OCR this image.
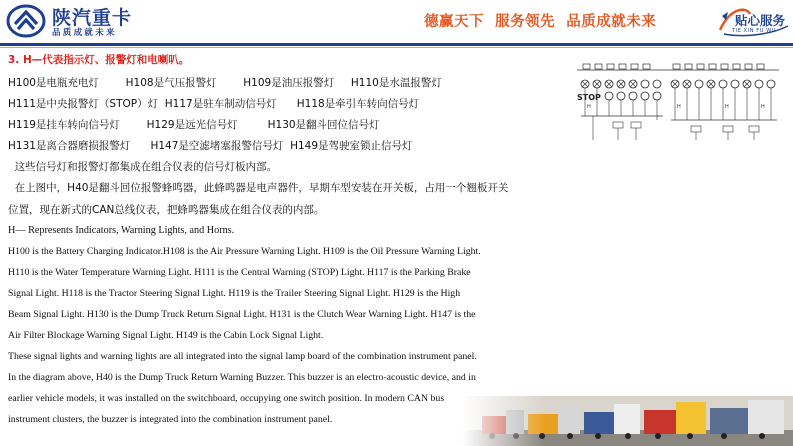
陕汽重卡
品质成就未来
德赢天下  服务领先  品质成就未来	贴心服务
TIE XIN FU WU
3. H—代表指示灯、报警灯和电喇叭。
H100是电瓶充电灯        H108是气压报警灯        H109是油压报警灯     H110是水温报警灯
H111是中央报警灯（STOP）灯  H117是驻车制动信号灯      H118是牵引车转向信号灯
H119是挂车转向信号灯        H129是远光信号灯         H130是翻斗回位信号灯
H131是离合器磨损报警灯      H147是空滤堵塞报警信号灯  H149是驾驶室锁止信号灯
这些信号灯和报警灯都集成在组合仪表的信号灯板内部。
在上图中，H40是翻斗回位报警蜂鸣器，此蜂鸣器是电声器件，早期车型安装在开关板，占用一个翘板开关
位置，现在新式的CAN总线仪表，把蜂鸣器集成在组合仪表的内部。
H— Represents Indicators, Warning Lights, and Horns.
H100 is the Battery Charging Indicator.H108 is the Air Pressure Warning Light. H109 is the Oil Pressure Warning Light.
H110 is the Water Temperature Warning Light. H111 is the Central Warning (STOP) Light. H117 is the Parking Brake
Signal Light. H118 is the Tractor Steering Signal Light. H119 is the Trailer Steering Signal Light. H129 is the High
Beam Signal Light. H130 is the Dump Truck Return Signal Light. H131 is the Clutch Wear Warning Light. H147 is the
Air Filter Blockage Warning Signal Light. H149 is the Cabin Lock Signal Light.
These signal lights and warning lights are all integrated into the signal lamp board of the combination instrument panel.
In the diagram above, H40 is the Dump Truck Return Warning Buzzer. This buzzer is an electro-acoustic device, and in
earlier vehicle models, it was installed on the switchboard, occupying one switch position. In modern CAN bus
instrument clusters, the buzzer is integrated into the combination instrument panel.
STOP
H	H	H	H
